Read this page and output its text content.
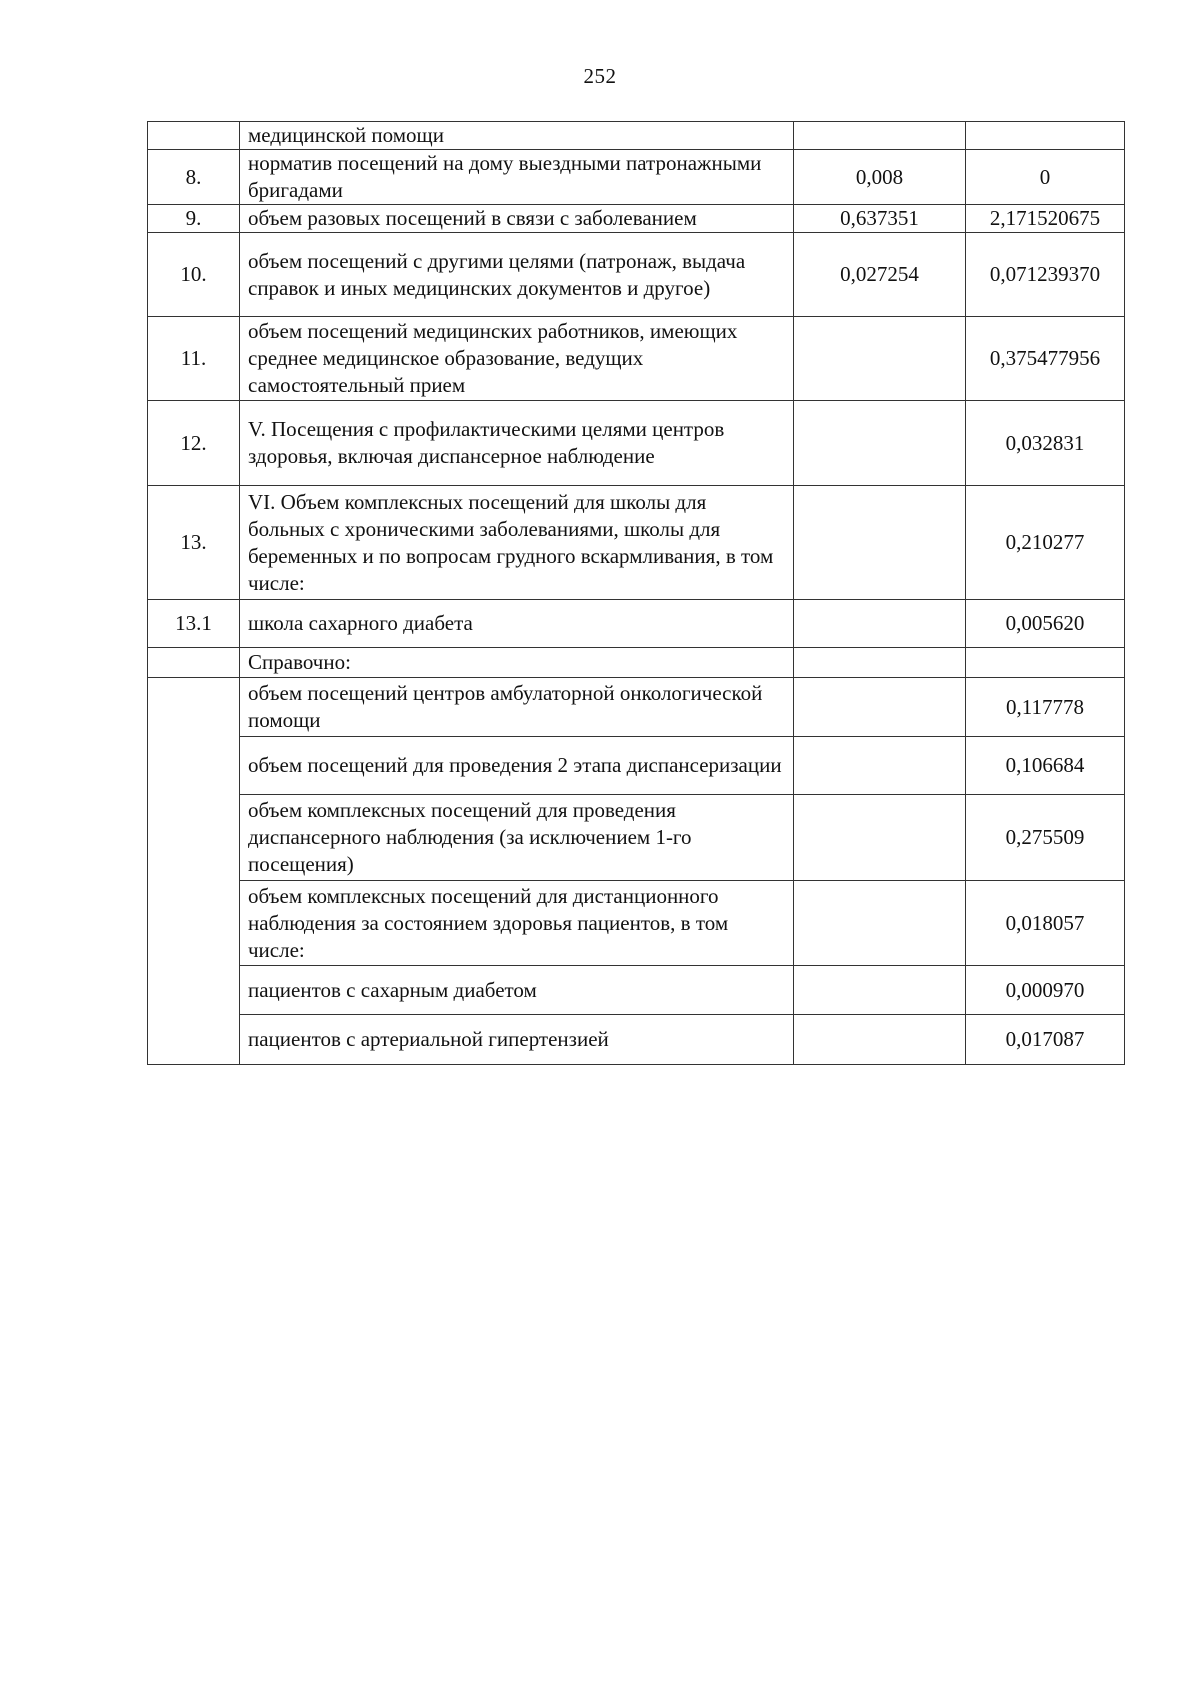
252
	медицинской помощи		
8.	норматив посещений на дому выездными патронажными бригадами	0,008	0
9.	объем разовых посещений в связи с заболеванием	0,637351	2,171520675
10.	объем посещений с другими целями (патронаж, выдача справок и иных медицинских документов и другое)	0,027254	0,071239370
11.	объем посещений медицинских работников, имеющих среднее медицинское образование, ведущих самостоятельный прием		0,375477956
12.	V. Посещения с профилактическими целями центров здоровья, включая диспансерное наблюдение		0,032831
13.	VI. Объем комплексных посещений для школы для больных с хроническими заболеваниями, школы для беременных и по вопросам грудного вскармливания, в том числе:		0,210277
13.1	школа сахарного диабета		0,005620
	Справочно:		
	объем посещений центров амбулаторной онкологической помощи		0,117778
	объем посещений для проведения 2 этапа диспансеризации		0,106684
	объем комплексных посещений для проведения диспансерного наблюдения (за исключением 1-го посещения)		0,275509
	объем комплексных посещений для дистанционного наблюдения за состоянием здоровья пациентов, в том числе:		0,018057
	пациентов с сахарным диабетом		0,000970
	пациентов с артериальной гипертензией		0,017087
